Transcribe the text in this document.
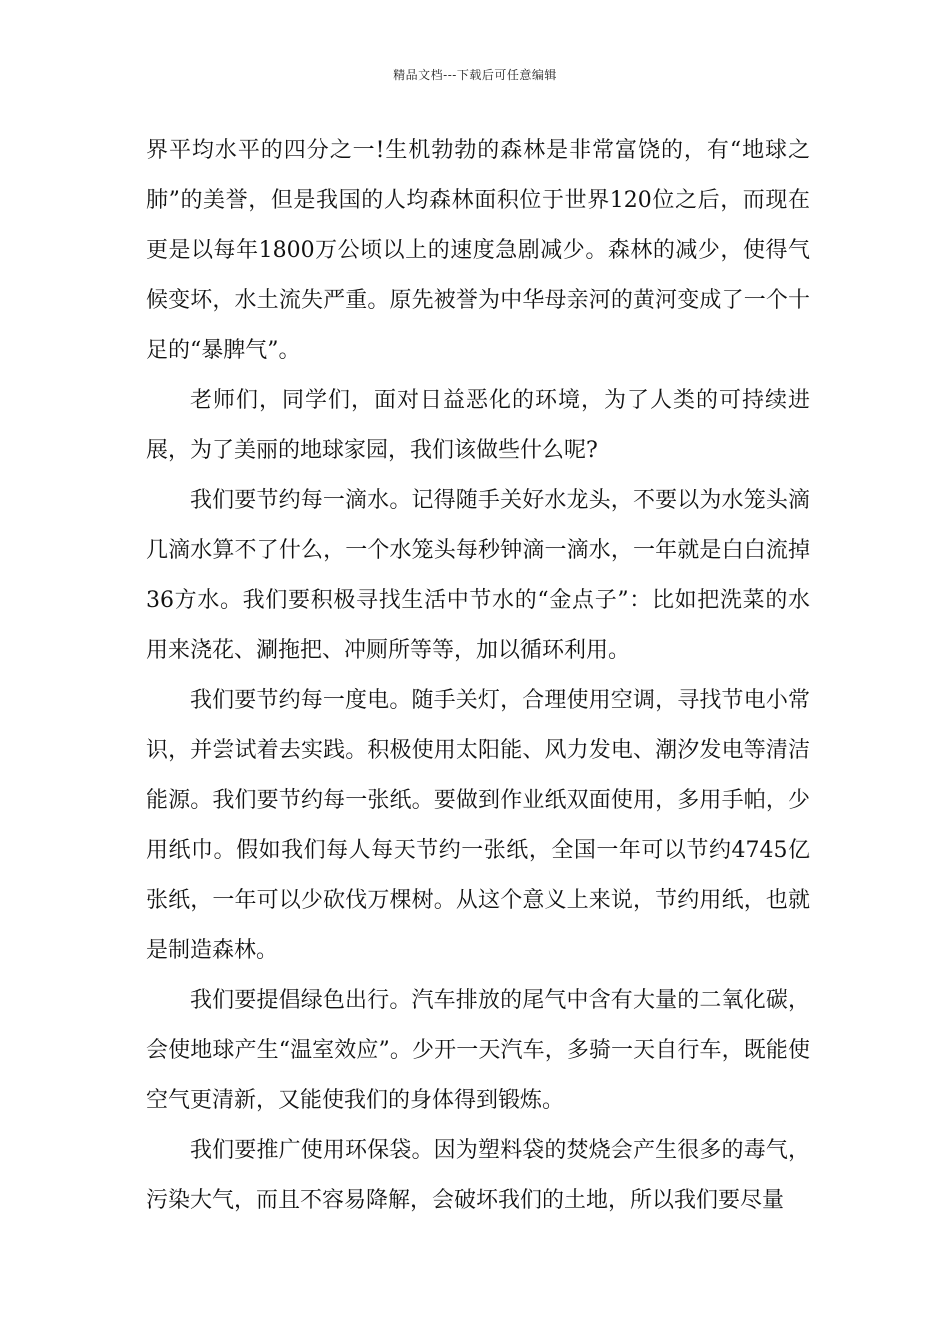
精品文档---下载后可任意编辑

界平均水平的四分之一!生机勃勃的森林是非常富饶的，有“地球之肺”的美誉，但是我国的人均森林面积位于世界120位之后，而现在更是以每年1800万公顷以上的速度急剧减少。森林的减少，使得气候变坏，水土流失严重。原先被誉为中华母亲河的黄河变成了一个十足的“暴脾气”。

老师们，同学们，面对日益恶化的环境，为了人类的可持续进展，为了美丽的地球家园，我们该做些什么呢?

我们要节约每一滴水。记得随手关好水龙头，不要以为水笼头滴几滴水算不了什么，一个水笼头每秒钟滴一滴水，一年就是白白流掉36方水。我们要积极寻找生活中节水的“金点子”：比如把洗菜的水用来浇花、涮拖把、冲厕所等等，加以循环利用。

我们要节约每一度电。随手关灯，合理使用空调，寻找节电小常识，并尝试着去实践。积极使用太阳能、风力发电、潮汐发电等清洁能源。我们要节约每一张纸。要做到作业纸双面使用，多用手帕，少用纸巾。假如我们每人每天节约一张纸，全国一年可以节约4745亿张纸，一年可以少砍伐万棵树。从这个意义上来说，节约用纸，也就是制造森林。

我们要提倡绿色出行。汽车排放的尾气中含有大量的二氧化碳，会使地球产生“温室效应”。少开一天汽车，多骑一天自行车，既能使空气更清新，又能使我们的身体得到锻炼。

我们要推广使用环保袋。因为塑料袋的焚烧会产生很多的毒气，污染大气，而且不容易降解，会破坏我们的土地，所以我们要尽量
